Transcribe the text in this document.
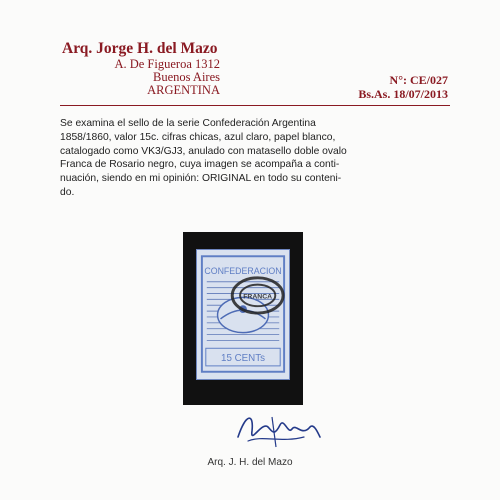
Arq. Jorge H. del Mazo
A. De Figueroa 1312
Buenos Aires
ARGENTINA
N°: CE/027
Bs.As. 18/07/2013
Se examina el sello de la serie Confederación Argentina
1858/1860, valor 15c. cifras chicas, azul claro, papel blanco,
catalogado como VK3/GJ3, anulado con matasello doble ovalo
Franca de Rosario negro, cuya imagen se acompaña a conti-
nuación, siendo en mi opinión: ORIGINAL en todo su conteni-
do.
CONFEDERACION
15 CENTs
FRANCA
Arq. J. H. del Mazo
